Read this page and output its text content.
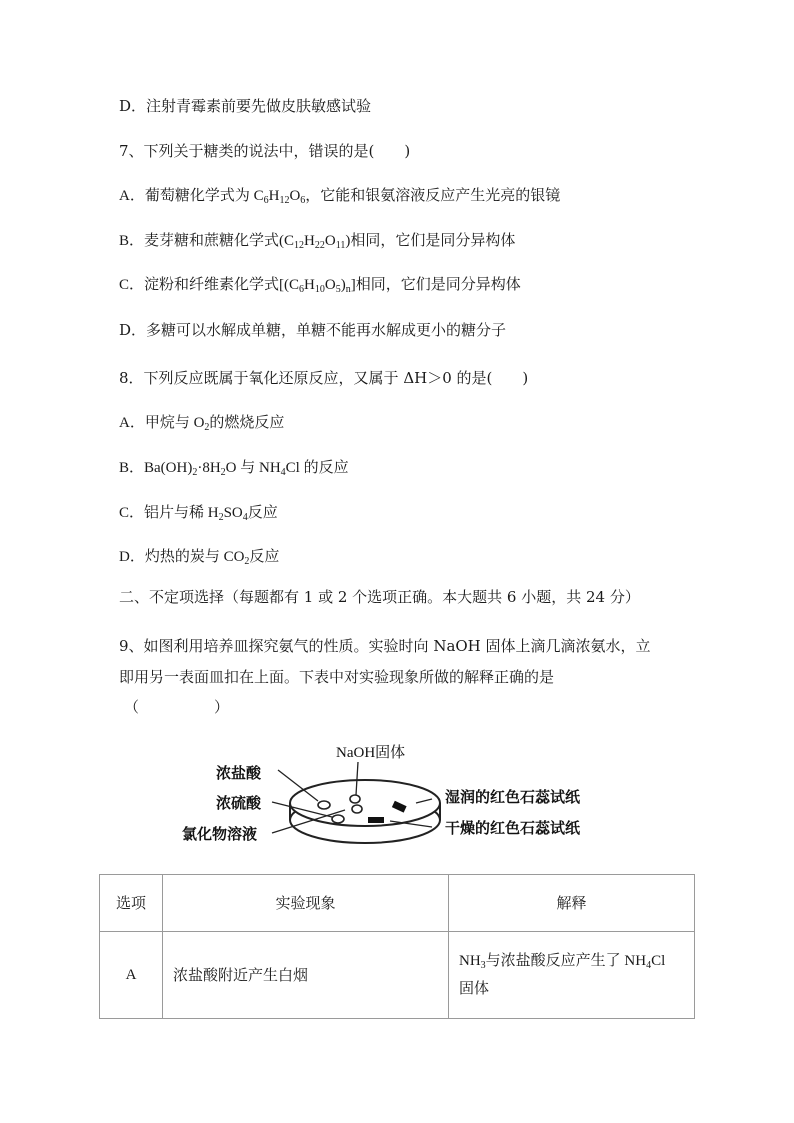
D．注射青霉素前要先做皮肤敏感试验
7、下列关于糖类的说法中，错误的是(　　)
A．葡萄糖化学式为 $C_6H_{12}O_6$，它能和银氨溶液反应产生光亮的银镜
B．麦芽糖和蔗糖化学式$(C_{12}H_{22}O_{11})$相同，它们是同分异构体
C．淀粉和纤维素化学式$[(C_6H_{10}O_5)_n]$相同，它们是同分异构体
D．多糖可以水解成单糖，单糖不能再水解成更小的糖分子
8．下列反应既属于氧化还原反应，又属于 ΔH＞0 的是(　　)
A．甲烷与 $O_2$的燃烧反应
B．$Ba(OH)_2\cdot 8H_2O$ 与 $NH_4Cl$ 的反应
C．铝片与稀 $H_2SO_4$反应
D．灼热的炭与 $CO_2$反应
二、不定项选择（每题都有 1 或 2 个选项正确。本大题共 6 小题，共 24 分）
9、如图利用培养皿探究氨气的性质。实验时向 NaOH 固体上滴几滴浓氨水，立
即用另一表面皿扣在上面。下表中对实验现象所做的解释正确的是
（　　　　　）
NaOH固体
浓盐酸
浓硫酸
氯化物溶液
湿润的红色石蕊试纸
干燥的红色石蕊试纸
选项	实验现象	解释
A	浓盐酸附近产生白烟	$NH_3$与浓盐酸反应产生了 $NH_4Cl$
固体
